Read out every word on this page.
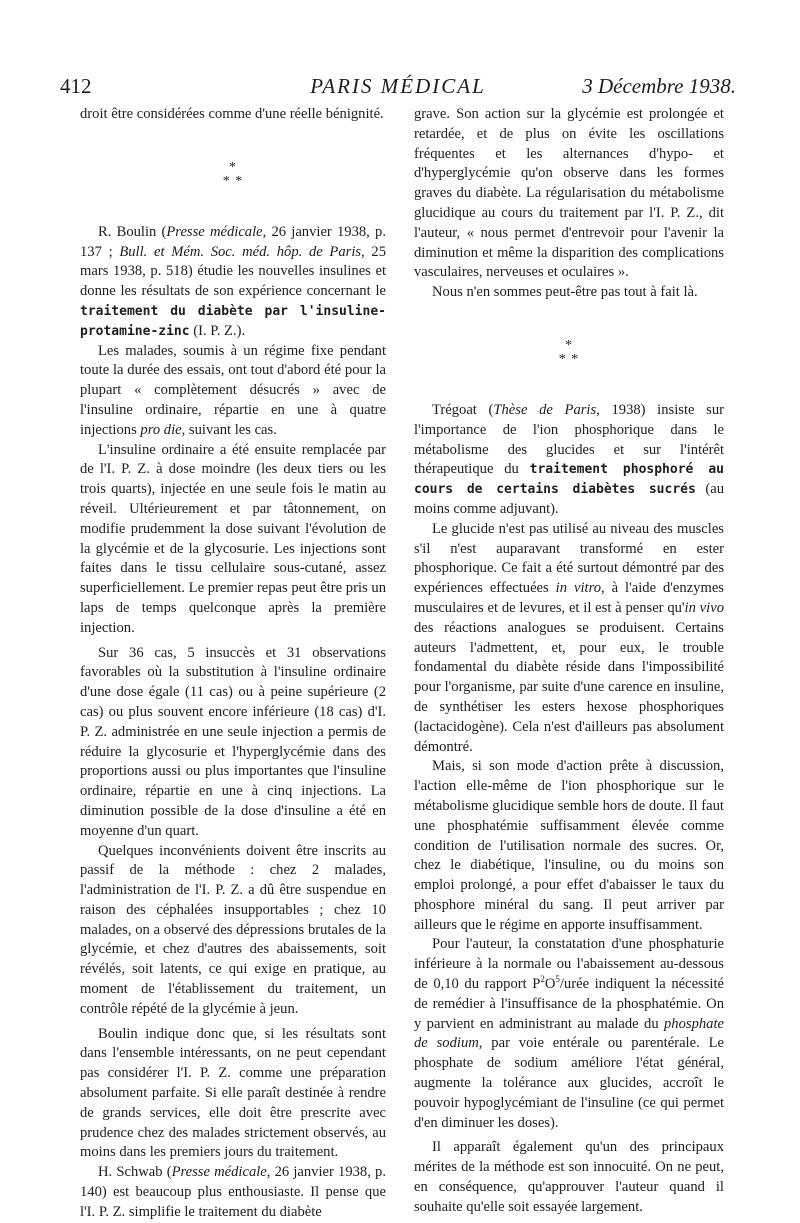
412	PARIS MÉDICAL	3 Décembre 1938.

droit être considérées comme d'une réelle bénignité.

*
* *

R. Boulin (Presse médicale, 26 janvier 1938, p. 137 ; Bull. et Mém. Soc. méd. hôp. de Paris, 25 mars 1938, p. 518) étudie les nouvelles insulines et donne les résultats de son expérience concernant le traitement du diabète par l'insuline-protamine-zinc (I. P. Z.).

Les malades, soumis à un régime fixe pendant toute la durée des essais, ont tout d'abord été pour la plupart « complètement désucrés » avec de l'insuline ordinaire, répartie en une à quatre injections pro die, suivant les cas.

L'insuline ordinaire a été ensuite remplacée par de l'I. P. Z. à dose moindre (les deux tiers ou les trois quarts), injectée en une seule fois le matin au réveil. Ultérieurement et par tâtonnement, on modifie prudemment la dose suivant l'évolution de la glycémie et de la glycosurie. Les injections sont faites dans le tissu cellulaire sous-cutané, assez superficiellement. Le premier repas peut être pris un laps de temps quelconque après la première injection.

Sur 36 cas, 5 insuccès et 31 observations favorables où la substitution à l'insuline ordinaire d'une dose égale (11 cas) ou à peine supérieure (2 cas) ou plus souvent encore inférieure (18 cas) d'I. P. Z. administrée en une seule injection a permis de réduire la glycosurie et l'hyperglycémie dans des proportions aussi ou plus importantes que l'insuline ordinaire, répartie en une à cinq injections. La diminution possible de la dose d'insuline a été en moyenne d'un quart.

Quelques inconvénients doivent être inscrits au passif de la méthode : chez 2 malades, l'administration de l'I. P. Z. a dû être suspendue en raison des céphalées insupportables ; chez 10 malades, on a observé des dépressions brutales de la glycémie, et chez d'autres des abaissements, soit révélés, soit latents, ce qui exige en pratique, au moment de l'établissement du traitement, un contrôle répété de la glycémie à jeun.

Boulin indique donc que, si les résultats sont dans l'ensemble intéressants, on ne peut cependant pas considérer l'I. P. Z. comme une préparation absolument parfaite. Si elle paraît destinée à rendre de grands services, elle doit être prescrite avec prudence chez des malades strictement observés, au moins dans les premiers jours du traitement.

H. Schwab (Presse médicale, 26 janvier 1938, p. 140) est beaucoup plus enthousiaste. Il pense que l'I. P. Z. simplifie le traitement du diabète

grave. Son action sur la glycémie est prolongée et retardée, et de plus on évite les oscillations fréquentes et les alternances d'hypo- et d'hyperglycémie qu'on observe dans les formes graves du diabète. La régularisation du métabolisme glucidique au cours du traitement par l'I. P. Z., dit l'auteur, « nous permet d'entrevoir pour l'avenir la diminution et même la disparition des complications vasculaires, nerveuses et oculaires ».

Nous n'en sommes peut-être pas tout à fait là.

*
* *

Trégoat (Thèse de Paris, 1938) insiste sur l'importance de l'ion phosphorique dans le métabolisme des glucides et sur l'intérêt thérapeutique du traitement phosphoré au cours de certains diabètes sucrés (au moins comme adjuvant).

Le glucide n'est pas utilisé au niveau des muscles s'il n'est auparavant transformé en ester phosphorique. Ce fait a été surtout démontré par des expériences effectuées in vitro, à l'aide d'enzymes musculaires et de levures, et il est à penser qu'in vivo des réactions analogues se produisent. Certains auteurs l'admettent, et, pour eux, le trouble fondamental du diabète réside dans l'impossibilité pour l'organisme, par suite d'une carence en insuline, de synthétiser les esters hexose phosphoriques (lactacidogène). Cela n'est d'ailleurs pas absolument démontré.

Mais, si son mode d'action prête à discussion, l'action elle-même de l'ion phosphorique sur le métabolisme glucidique semble hors de doute. Il faut une phosphatémie suffisamment élevée comme condition de l'utilisation normale des sucres. Or, chez le diabétique, l'insuline, ou du moins son emploi prolongé, a pour effet d'abaisser le taux du phosphore minéral du sang. Il peut arriver par ailleurs que le régime en apporte insuffisamment.

Pour l'auteur, la constatation d'une phosphaturie inférieure à la normale ou l'abaissement au-dessous de 0,10 du rapport $P^2O^5$/urée indiquent la nécessité de remédier à l'insuffisance de la phosphatémie. On y parvient en administrant au malade du phosphate de sodium, par voie entérale ou parentérale. Le phosphate de sodium améliore l'état général, augmente la tolérance aux glucides, accroît le pouvoir hypoglycémiant de l'insuline (ce qui permet d'en diminuer les doses).

Il apparaît également qu'un des principaux mérites de la méthode est son innocuité. On ne peut, en conséquence, qu'approuver l'auteur quand il souhaite qu'elle soit essayée largement.
